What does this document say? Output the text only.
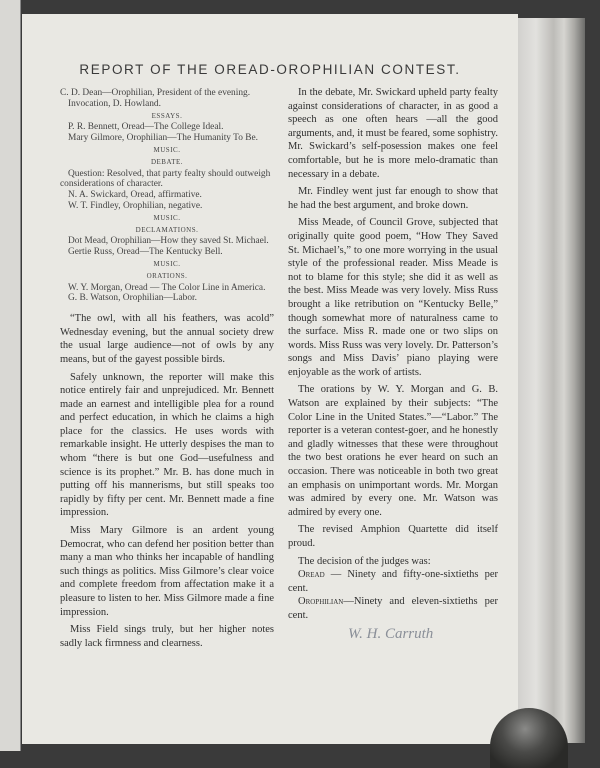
REPORT OF THE OREAD-OROPHILIAN CONTEST.

C. D. Dean—Orophilian, President of the evening.

Invocation, D. Howland.

ESSAYS.

P. R. Bennett, Oread—The College Ideal.

Mary Gilmore, Orophilian—The Humanity To Be.

MUSIC.

DEBATE.

Question: Resolved, that party fealty should outweigh considerations of character.

N. A. Swickard, Oread, affirmative.

W. T. Findley, Orophilian, negative.

MUSIC.

DECLAMATIONS.

Dot Mead, Orophilian—How they saved St. Michael.

Gertie Russ, Oread—The Kentucky Bell.

MUSIC.

ORATIONS.

W. Y. Morgan, Oread — The Color Line in America.

G. B. Watson, Orophilian—Labor.

“The owl, with all his feathers, was acold” Wednesday evening, but the annual society drew the usual large audience—not of owls by any means, but of the gayest possible birds.

Safely unknown, the reporter will make this notice entirely fair and unprejudiced. Mr. Bennett made an earnest and intelligible plea for a round and perfect education, in which he claims a high place for the classics. He uses words with remarkable insight. He utterly despises the man to whom “there is but one God—usefulness and science is its prophet.” Mr. B. has done much in putting off his mannerisms, but still speaks too rapidly by fifty per cent. Mr. Bennett made a fine impression.

Miss Mary Gilmore is an ardent young Democrat, who can defend her position better than many a man who thinks her incapable of handling such things as politics. Miss Gilmore’s clear voice and complete freedom from affectation make it a pleasure to listen to her. Miss Gilmore made a fine impression.

Miss Field sings truly, but her higher notes sadly lack firmness and clearness.

In the debate, Mr. Swickard upheld party fealty against considerations of character, in as good a speech as one often hears —all the good arguments, and, it must be feared, some sophistry. Mr. Swickard’s self-posession makes one feel comfortable, but he is more melo-dramatic than necessary in a debate.

Mr. Findley went just far enough to show that he had the best argument, and broke down.

Miss Meade, of Council Grove, subjected that originally quite good poem, “How They Saved St. Michael’s,” to one more worrying in the usual style of the professional reader. Miss Meade is not to blame for this style; she did it as well as the best. Miss Meade was very lovely. Miss Russ brought a like retribution on “Kentucky Belle,” though somewhat more of naturalness came to the surface. Miss R. made one or two slips on words. Miss Russ was very lovely. Dr. Patterson’s songs and Miss Davis’ piano playing were enjoyable as the work of artists.

The orations by W. Y. Morgan and G. B. Watson are explained by their subjects: “The Color Line in the United States.”—“Labor.” The reporter is a veteran contest-goer, and he honestly and gladly witnesses that these were throughout the two best orations he ever heard on such an occasion. There was noticeable in both two great an emphasis on unimportant words. Mr. Morgan was admired by every one. Mr. Watson was admired by every one.

The revised Amphion Quartette did itself proud.

The decision of the judges was:

Oread — Ninety and fifty-one-sixtieths per cent.

Orophilian—Ninety and eleven-sixtieths per cent.

W. H. Carruth
